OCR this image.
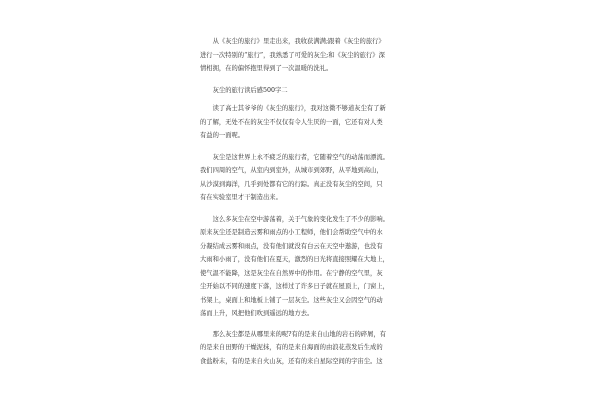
从《灰尘的旅行》里走出来，我收获满满;跟着《灰尘的旅行》

进行一次特别的“旅行”，我熟悉了可爱的灰尘;和《灰尘的旅行》深

情相拥，在的偏怀抱里得到了一次温暖的洗礼。

灰尘的旅行读后感500字二

读了高士其爷爷的《灰尘的旅行》，我对这微不够道灰尘有了新

的了解，无处不在的灰尘不仅仅有令人生厌的一面，它还有对人类

有益的一面呢。

灰尘是这世界上永不疲乏的旅行者，它随着空气的动荡而漂流。

我们四周的空气，从室内到室外，从城市到郊野，从平地到高山，

从沙漠到海洋，几乎到处都有它的行踪。真正没有灰尘的空间，只

有在实验室里才干制造出来。

这么多灰尘在空中游荡着，关于气象的变化发生了不少的影响。

原来灰尘还是制造云雾和雨点的小工程师，他们会帮助空气中的水

分凝结成云雾和雨点，没有他们就没有白云在天空中遨游，也没有

大雨和小雨了，没有他们在夏天，激烈的日光将直接照耀在大地上，

使气温不能降，这是灰尘在自然界中的作用。在宁静的空气里，灰

尘开始以不同的速度下落，这样过了许多日子就在屋顶上，门窗上，

书架上，桌面上和地板上铺了一层灰尘。这些灰尘又会因空气的动

荡而上升，风把他们吹到遥远的地方去。

那么灰尘都是从哪里来的呢?有的是来自山地的岩石的碎屑，有

的是来自田野的干燥泥抹，有的是来自海面的由浪花蒸发后生成的

食盐粉末，有的是来自火山灰，还有的来自星际空间的宇宙尘。这
